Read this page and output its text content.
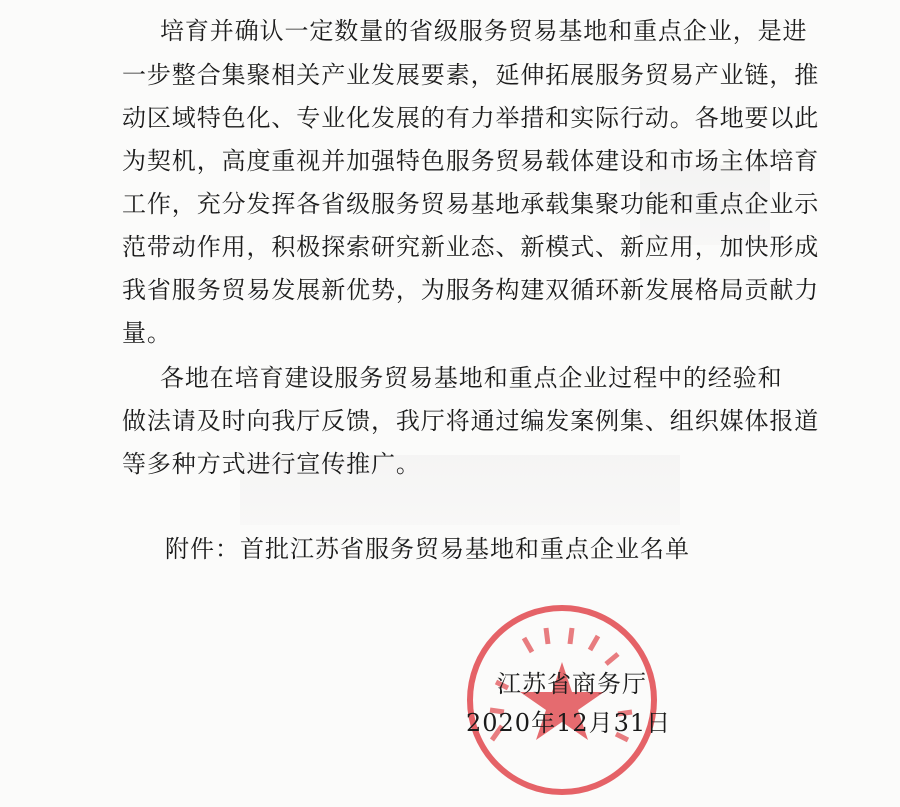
培育并确认一定数量的省级服务贸易基地和重点企业，是进
一步整合集聚相关产业发展要素，延伸拓展服务贸易产业链，推
动区域特色化、专业化发展的有力举措和实际行动。各地要以此
为契机，高度重视并加强特色服务贸易载体建设和市场主体培育
工作，充分发挥各省级服务贸易基地承载集聚功能和重点企业示
范带动作用，积极探索研究新业态、新模式、新应用，加快形成
我省服务贸易发展新优势，为服务构建双循环新发展格局贡献力
量。
各地在培育建设服务贸易基地和重点企业过程中的经验和
做法请及时向我厅反馈，我厅将通过编发案例集、组织媒体报道
等多种方式进行宣传推广。
附件：首批江苏省服务贸易基地和重点企业名单
江苏省商务厅
2020年12月31日
